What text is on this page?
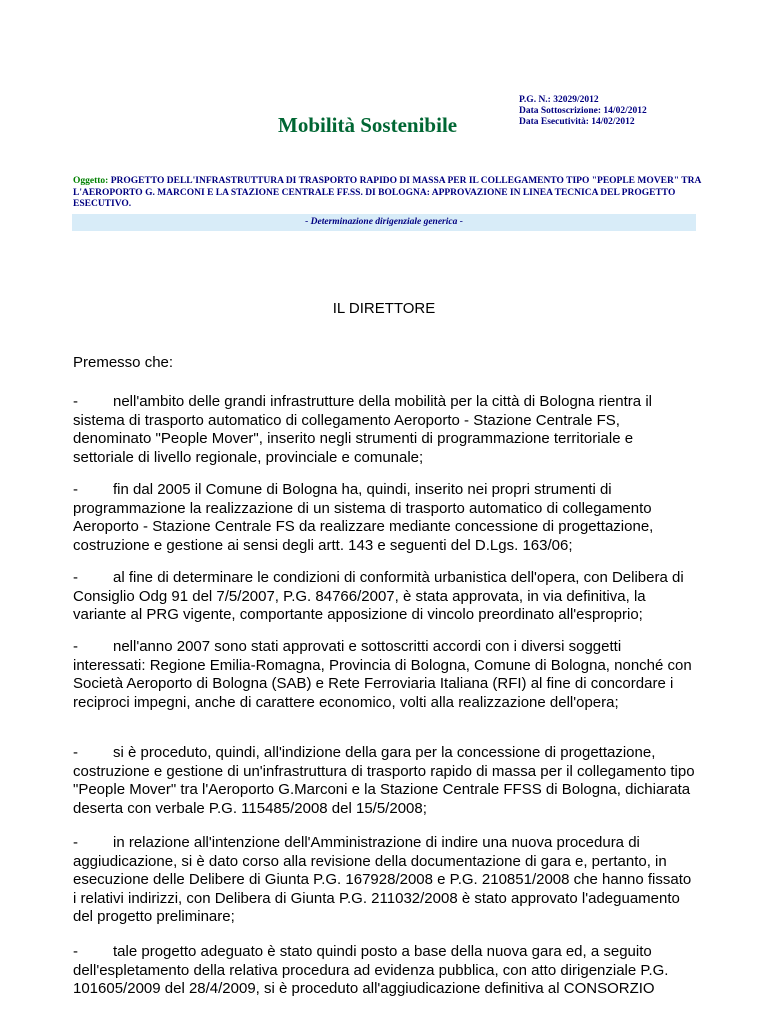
Mobilità Sostenibile
P.G. N.: 32029/2012
Data Sottoscrizione: 14/02/2012
Data Esecutività: 14/02/2012

Oggetto: PROGETTO DELL'INFRASTRUTTURA DI TRASPORTO RAPIDO DI MASSA PER IL COLLEGAMENTO TIPO "PEOPLE MOVER" TRA L'AEROPORTO G. MARCONI E LA STAZIONE CENTRALE FF.SS. DI BOLOGNA: APPROVAZIONE IN LINEA TECNICA DEL PROGETTO ESECUTIVO.

- Determinazione dirigenziale generica -

IL DIRETTORE

Premesso che:

- nell'ambito delle grandi infrastrutture della mobilità per la città di Bologna rientra il sistema di trasporto automatico di collegamento Aeroporto - Stazione Centrale FS, denominato "People Mover", inserito negli strumenti di programmazione territoriale e settoriale di livello regionale, provinciale e comunale;

- fin dal 2005 il Comune di Bologna ha, quindi, inserito nei propri strumenti di programmazione la realizzazione di un sistema di trasporto automatico di collegamento Aeroporto - Stazione Centrale FS da realizzare mediante concessione di progettazione, costruzione e gestione ai sensi degli artt. 143 e seguenti del D.Lgs. 163/06;

- al fine di determinare le condizioni di conformità urbanistica dell'opera, con Delibera di Consiglio Odg 91 del 7/5/2007, P.G. 84766/2007, è stata approvata, in via definitiva, la variante al PRG vigente, comportante apposizione di vincolo preordinato all'esproprio;

- nell'anno 2007 sono stati approvati e sottoscritti accordi con i diversi soggetti interessati: Regione Emilia-Romagna, Provincia di Bologna, Comune di Bologna, nonché con Società Aeroporto di Bologna (SAB) e Rete Ferroviaria Italiana (RFI) al fine di concordare i reciproci impegni, anche di carattere economico, volti alla realizzazione dell'opera;

- si è proceduto, quindi, all'indizione della gara per la concessione di progettazione, costruzione e gestione di un'infrastruttura di trasporto rapido di massa per il collegamento tipo "People Mover" tra l'Aeroporto G.Marconi e la Stazione Centrale FFSS di Bologna, dichiarata deserta con verbale P.G. 115485/2008 del 15/5/2008;

- in relazione all'intenzione dell'Amministrazione di indire una nuova procedura di aggiudicazione, si è dato corso alla revisione della documentazione di gara e, pertanto, in esecuzione delle Delibere di Giunta P.G. 167928/2008 e P.G. 210851/2008 che hanno fissato i relativi indirizzi, con Delibera di Giunta P.G. 211032/2008 è stato approvato l'adeguamento del progetto preliminare;

- tale progetto adeguato è stato quindi posto a base della nuova gara ed, a seguito dell'espletamento della relativa procedura ad evidenza pubblica, con atto dirigenziale P.G. 101605/2009 del 28/4/2009, si è proceduto all'aggiudicazione definitiva al CONSORZIO
